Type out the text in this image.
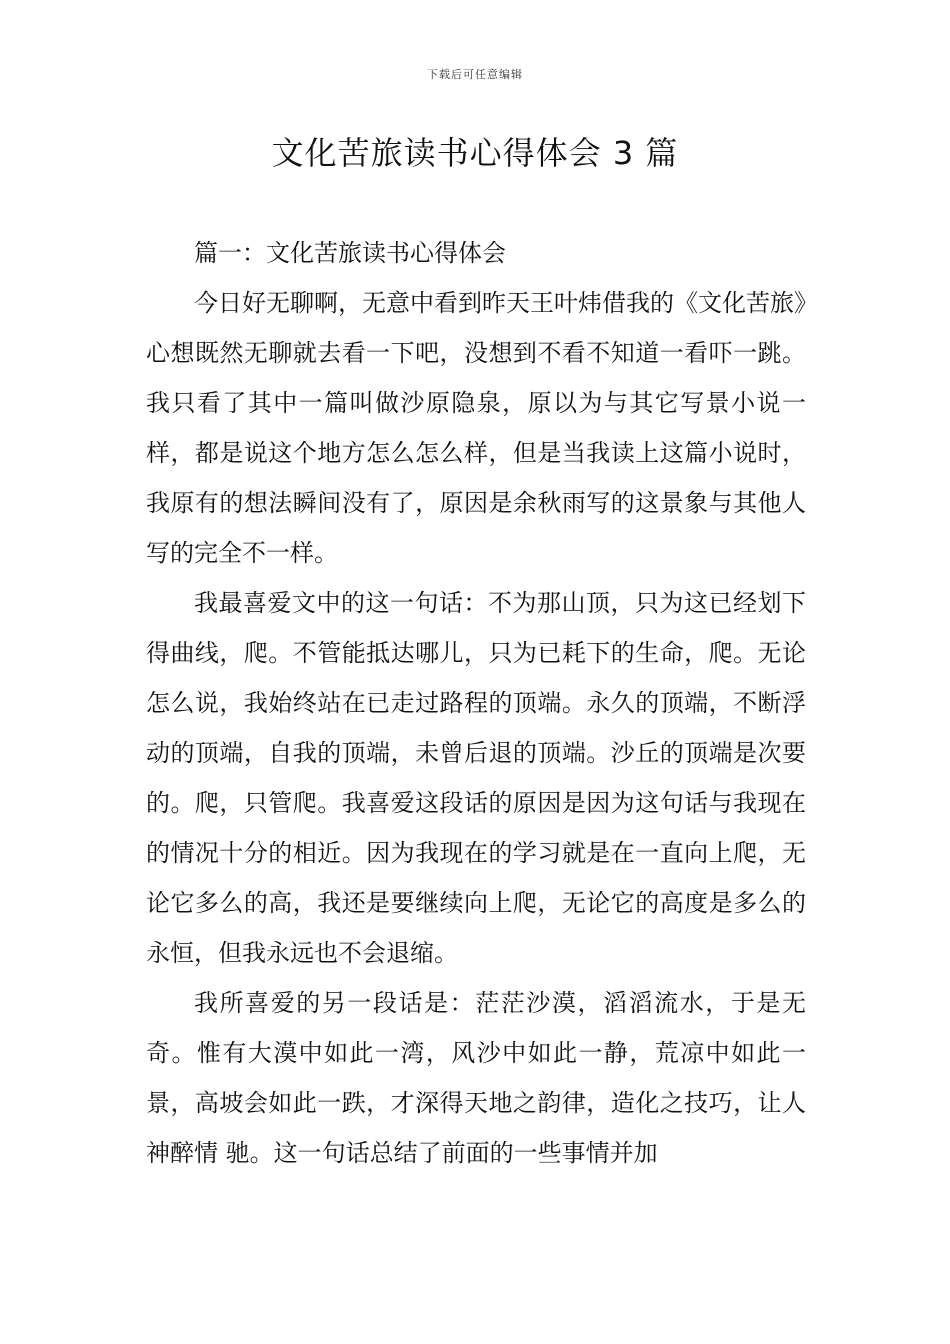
下载后可任意编辑
文化苦旅读书心得体会 3 篇

篇一：文化苦旅读书心得体会

今日好无聊啊，无意中看到昨天王叶炜借我的《文化苦旅》心想既然无聊就去看一下吧，没想到不看不知道一看吓一跳。我只看了其中一篇叫做沙原隐泉，原以为与其它写景小说一样，都是说这个地方怎么怎么样，但是当我读上这篇小说时，我原有的想法瞬间没有了，原因是余秋雨写的这景象与其他人写的完全不一样。

我最喜爱文中的这一句话：不为那山顶，只为这已经划下得曲线，爬。不管能抵达哪儿，只为已耗下的生命，爬。无论怎么说，我始终站在已走过路程的顶端。永久的顶端，不断浮动的顶端，自我的顶端，未曾后退的顶端。沙丘的顶端是次要的。爬，只管爬。我喜爱这段话的原因是因为这句话与我现在的情况十分的相近。因为我现在的学习就是在一直向上爬，无论它多么的高，我还是要继续向上爬，无论它的高度是多么的永恒，但我永远也不会退缩。

我所喜爱的另一段话是：茫茫沙漠，滔滔流水，于是无奇。惟有大漠中如此一湾，风沙中如此一静，荒凉中如此一景，高坡会如此一跌，才深得天地之韵律，造化之技巧，让人神醉情 驰。这一句话总结了前面的一些事情并加
